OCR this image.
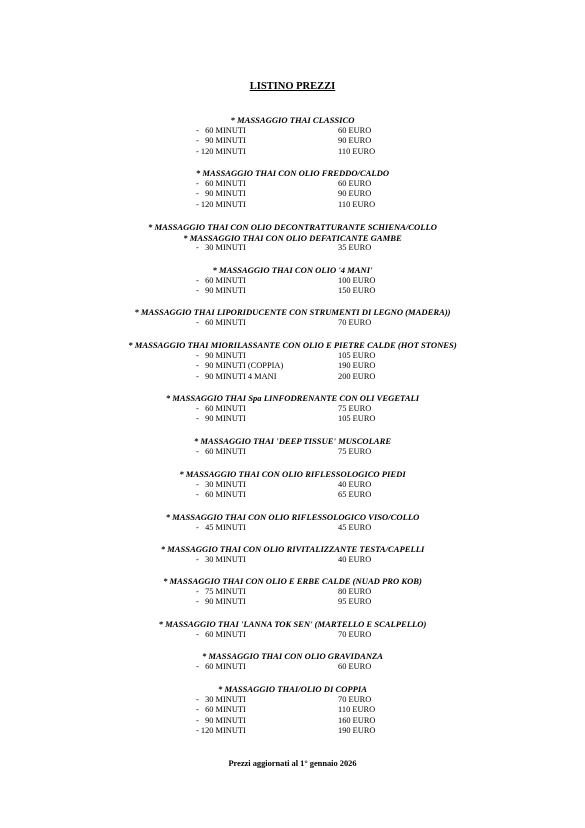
LISTINO PREZZI
* MASSAGGIO THAI CLASSICO
-   60 MINUTI	60 EURO
-   90 MINUTI	90 EURO
- 120 MINUTI	110 EURO
* MASSAGGIO THAI CON OLIO FREDDO/CALDO
-   60 MINUTI	60 EURO
-   90 MINUTI	90 EURO
- 120 MINUTI	110 EURO
* MASSAGGIO THAI CON OLIO DECONTRATTURANTE SCHIENA/COLLO
* MASSAGGIO THAI CON OLIO DEFATICANTE GAMBE
-   30 MINUTI	35 EURO
* MASSAGGIO THAI CON OLIO '4 MANI'
-   60 MINUTI	100 EURO
-   90 MINUTI	150 EURO
* MASSAGGIO THAI LIPORIDUCENTE CON STRUMENTI DI LEGNO (MADERA))
-   60 MINUTI	70 EURO
* MASSAGGIO THAI MIORILASSANTE CON OLIO E PIETRE CALDE (HOT STONES)
-   90 MINUTI	105 EURO
-   90 MINUTI (COPPIA)	190 EURO
-   90 MINUTI 4 MANI	200 EURO
* MASSAGGIO THAI Spa LINFODRENANTE CON OLI VEGETALI
-   60 MINUTI	75 EURO
-   90 MINUTI	105 EURO
* MASSAGGIO THAI 'DEEP TISSUE' MUSCOLARE
-   60 MINUTI	75 EURO
* MASSAGGIO THAI CON OLIO RIFLESSOLOGICO PIEDI
-   30 MINUTI	40 EURO
-   60 MINUTI	65 EURO
* MASSAGGIO THAI CON OLIO RIFLESSOLOGICO VISO/COLLO
-   45 MINUTI	45 EURO
* MASSAGGIO THAI CON OLIO RIVITALIZZANTE TESTA/CAPELLI
-   30 MINUTI	40 EURO
* MASSAGGIO THAI CON OLIO E ERBE CALDE (NUAD PRO KOB)
-   75 MINUTI	80 EURO
-   90 MINUTI	95 EURO
* MASSAGGIO THAI 'LANNA TOK SEN' (MARTELLO E SCALPELLO)
-   60 MINUTI	70 EURO
* MASSAGGIO THAI CON OLIO GRAVIDANZA
-   60 MINUTI	60 EURO
* MASSAGGIO THAI/OLIO DI COPPIA
-   30 MINUTI	70 EURO
-   60 MINUTI	110 EURO
-   90 MINUTI	160 EURO
- 120 MINUTI	190 EURO
Prezzi aggiornati al 1° gennaio 2026
